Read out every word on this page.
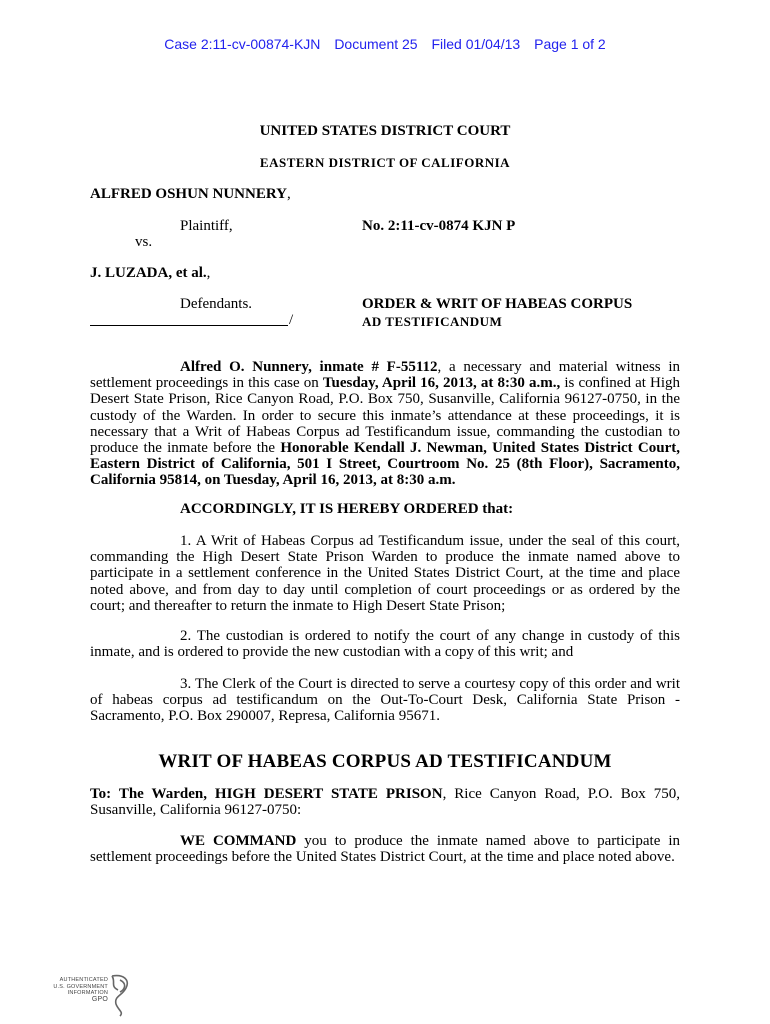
Case 2:11-cv-00874-KJN Document 25 Filed 01/04/13 Page 1 of 2
UNITED STATES DISTRICT COURT
EASTERN DISTRICT OF CALIFORNIA
ALFRED OSHUN NUNNERY,
Plaintiff,	No. 2:11-cv-0874 KJN P
vs.
J. LUZADA, et al.,
Defendants.	ORDER & WRIT OF HABEAS CORPUS
AD TESTIFICANDUM
/
Alfred O. Nunnery, inmate # F-55112, a necessary and material witness in settlement proceedings in this case on Tuesday, April 16, 2013, at 8:30 a.m., is confined at High Desert State Prison, Rice Canyon Road, P.O. Box 750, Susanville, California 96127-0750, in the custody of the Warden. In order to secure this inmate’s attendance at these proceedings, it is necessary that a Writ of Habeas Corpus ad Testificandum issue, commanding the custodian to produce the inmate before the Honorable Kendall J. Newman, United States District Court, Eastern District of California, 501 I Street, Courtroom No. 25 (8th Floor), Sacramento, California 95814, on Tuesday, April 16, 2013, at 8:30 a.m.
ACCORDINGLY, IT IS HEREBY ORDERED that:
1. A Writ of Habeas Corpus ad Testificandum issue, under the seal of this court, commanding the High Desert State Prison Warden to produce the inmate named above to participate in a settlement conference in the United States District Court, at the time and place noted above, and from day to day until completion of court proceedings or as ordered by the court; and thereafter to return the inmate to High Desert State Prison;
2. The custodian is ordered to notify the court of any change in custody of this inmate, and is ordered to provide the new custodian with a copy of this writ; and
3. The Clerk of the Court is directed to serve a courtesy copy of this order and writ of habeas corpus ad testificandum on the Out-To-Court Desk, California State Prison - Sacramento, P.O. Box 290007, Represa, California 95671.
WRIT OF HABEAS CORPUS AD TESTIFICANDUM
To: The Warden, HIGH DESERT STATE PRISON, Rice Canyon Road, P.O. Box 750, Susanville, California 96127-0750:
WE COMMAND you to produce the inmate named above to participate in settlement proceedings before the United States District Court, at the time and place noted above.
AUTHENTICATED
U.S. GOVERNMENT
INFORMATION
GPO
